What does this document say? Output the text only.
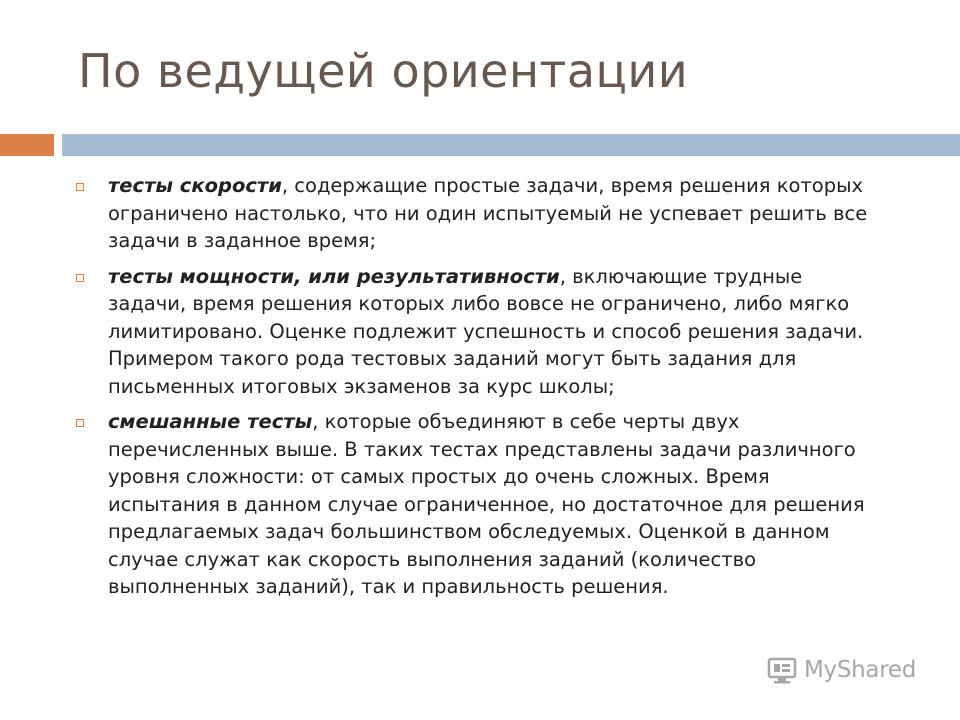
По ведущей ориентации
тесты скорости, содержащие простые задачи, время решения которых ограничено настолько, что ни один испытуемый не успевает решить все задачи в заданное время;
тесты мощности, или результативности, включающие трудные задачи, время решения которых либо вовсе не ограничено, либо мягко лимитировано. Оценке подлежит успешность и способ решения задачи. Примером такого рода тестовых заданий могут быть задания для письменных итоговых экзаменов за курс школы;
смешанные тесты, которые объединяют в себе черты двух перечисленных выше. В таких тестах представлены задачи различного уровня сложности: от самых простых до очень сложных. Время испытания в данном случае ограниченное, но достаточное для решения предлагаемых задач большинством обследуемых. Оценкой в данном случае служат как скорость выполнения заданий (количество выполненных заданий), так и правильность решения.
MyShared
